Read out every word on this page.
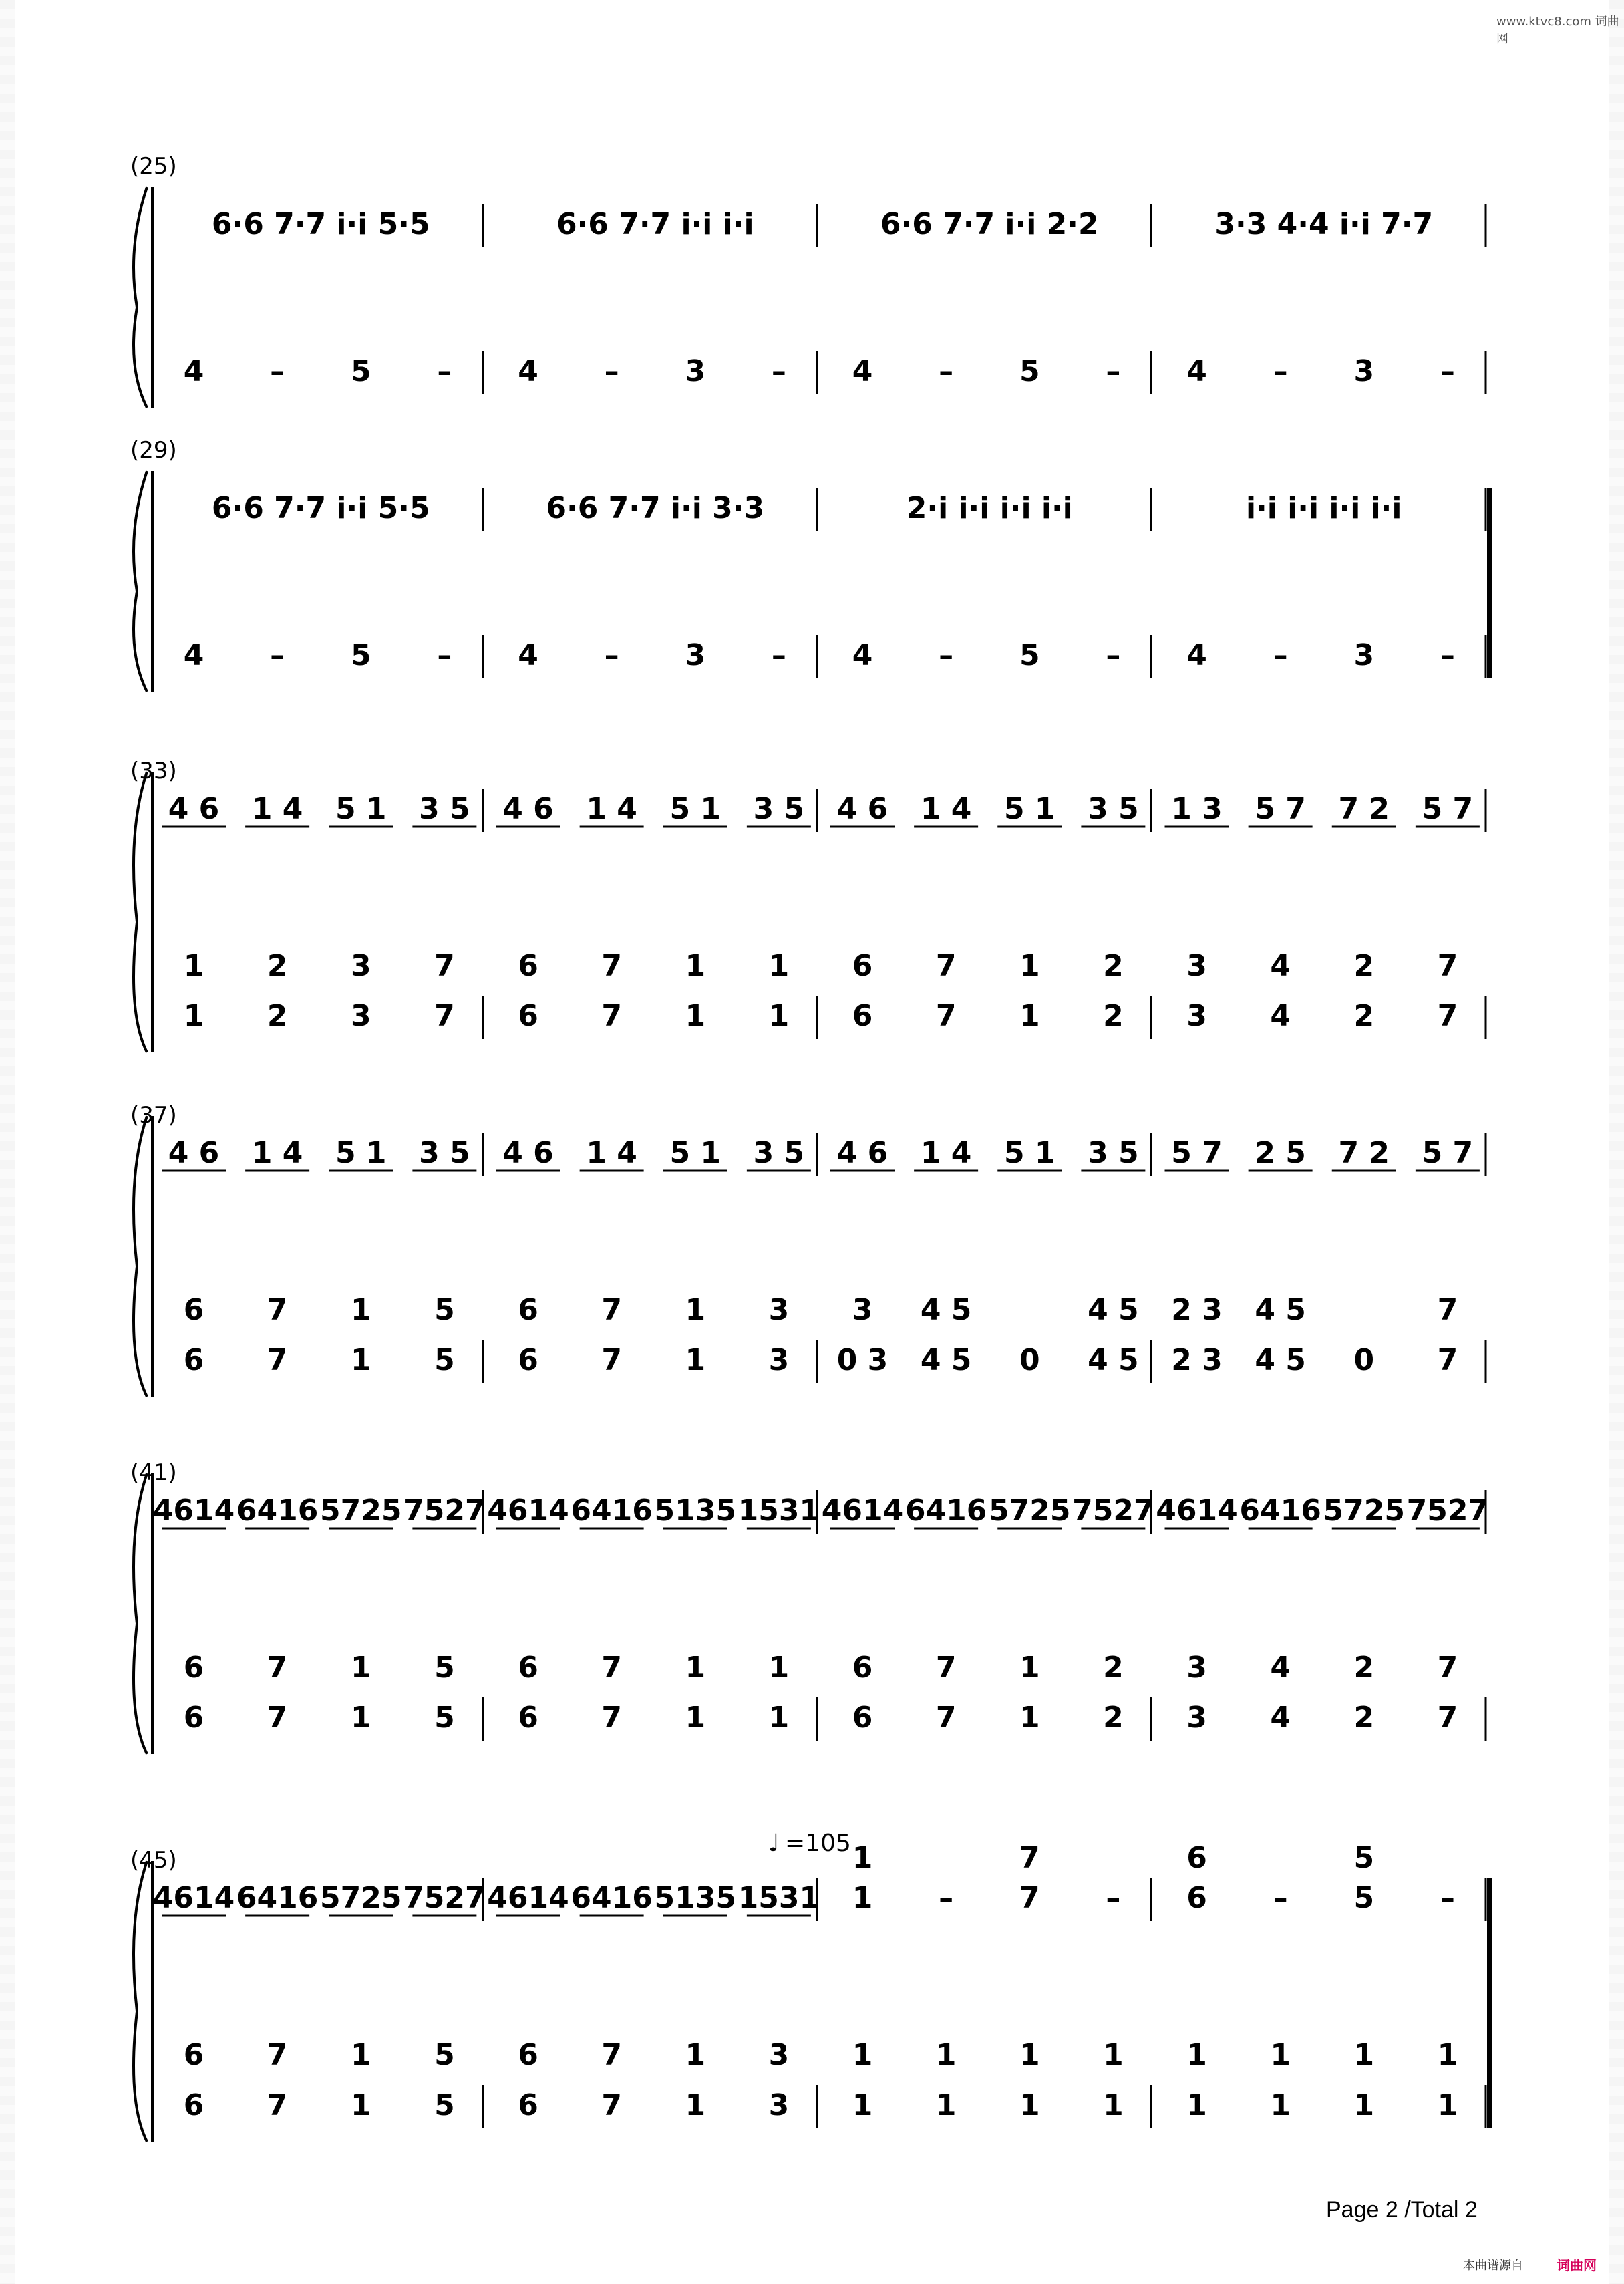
www.ktvc8.com 词曲网
(25)
6·6 7·7 i·i 5·5	6·6 7·7 i·i i·i	6·6 7·7 i·i 2·2	3·3 4·4 i·i 7·7
4 – 5 – 4 – 3 – 4 – 5 – 4 – 3 –
(29)
6·6 7·7 i·i 5·5	6·6 7·7 i·i 3·3	2·i i·i i·i i·i	i·i i·i i·i i·i
4 – 5 – 4 – 3 – 4 – 5 – 4 – 3 –
(33)
4 6 1 4 5 1 3 5 4 6 1 4 5 1 3 5 4 6 1 4 5 1 3 5 1 3 5 7 7 2 5 7
1 2 3 7 6 7 1 1 6 7 1 2 3 4 2 7
1 2 3 7 6 7 1 1 6 7 1 2 3 4 2 7
(37)
4 6 1 4 5 1 3 5 4 6 1 4 5 1 3 5 4 6 1 4 5 1 3 5 5 7 2 5 7 2 5 7
6 7 1 5 6 7 1 3 3 4 5	4 5 2 3 4 5	7
6 7 1 5 6 7 1 3 0 3 4 5 0 4 5 2 3 4 5 0 7
(41)
4614 6416 5725 7527 4614 6416 5135 1531 4614 6416 5725 7527 4614 6416 5725 7527
6 7 1 5 6 7 1 1 6 7 1 2 3 4 2 7
6 7 1 5 6 7 1 1 6 7 1 2 3 4 2 7
(45)
♩ =105
4614 6416 5725 7527 4614 6416 5135 1531 1 – 7 – 6 – 5 –
1	7	6	5
6 7 1 5 6 7 1 3 1 1 1 1 1 1 1 1
6 7 1 5 6 7 1 3 1 1 1 1 1 1 1 1
Page 2 /Total 2
本曲谱源自	词曲网
